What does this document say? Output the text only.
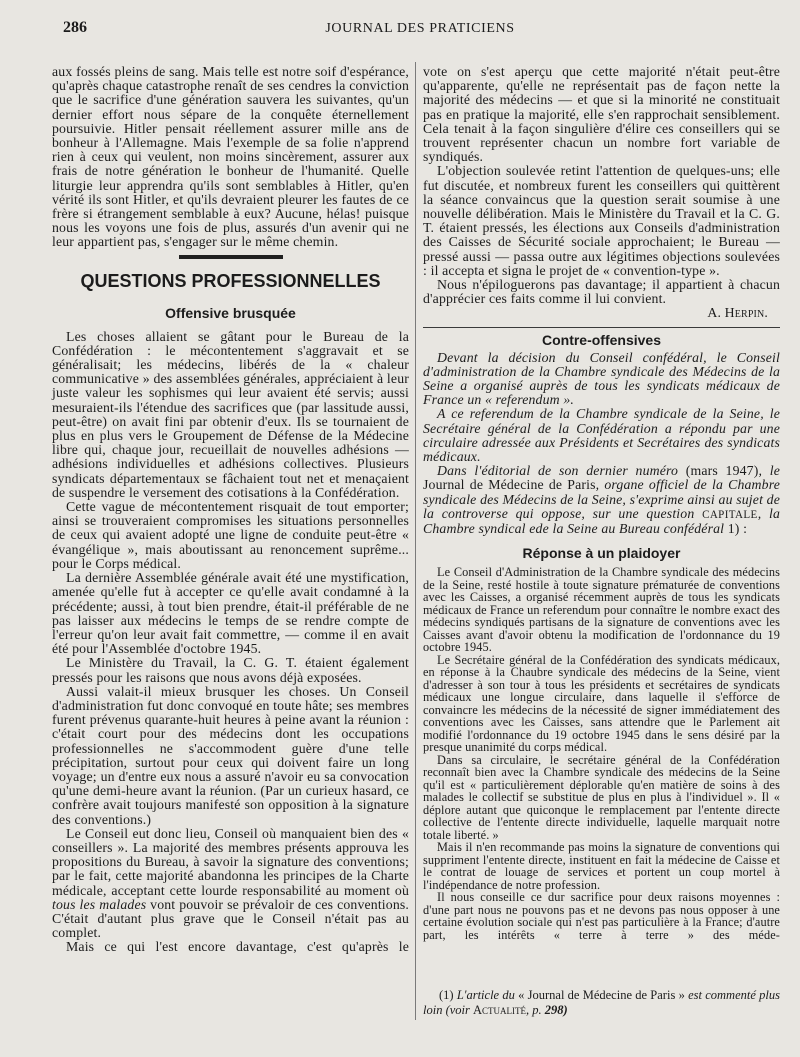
286	JOURNAL DES PRATICIENS

aux fossés pleins de sang. Mais telle est notre soif d'espérance, qu'après chaque catastrophe renaît de ses cendres la conviction que le sacrifice d'une génération sauvera les suivantes, qu'un dernier effort nous sépare de la conquête éternellement poursuivie. Hitler pensait réellement assurer mille ans de bonheur à l'Allemagne. Mais l'exemple de sa folie n'apprend rien à ceux qui veulent, non moins sincèrement, assurer aux frais de notre génération le bonheur de l'humanité. Quelle liturgie leur apprendra qu'ils sont semblables à Hitler, qu'en vérité ils sont Hitler, et qu'ils devraient pleurer les fautes de ce frère si étrangement semblable à eux? Aucune, hélas! puisque nous les voyons une fois de plus, assurés d'un avenir qui ne leur appartient pas, s'engager sur le même chemin.

QUESTIONS PROFESSIONNELLES
Offensive brusquée

Les choses allaient se gâtant pour le Bureau de la Confédération : le mécontentement s'aggravait et se généralisait; les médecins, libérés de la « chaleur communicative » des assemblées générales, appréciaient à leur juste valeur les sophismes qui leur avaient été servis; aussi mesuraient-ils l'étendue des sacrifices que (par lassitude aussi, peut-être) on avait fini par obtenir d'eux. Ils se tournaient de plus en plus vers le Groupement de Défense de la Médecine libre qui, chaque jour, recueillait de nouvelles adhésions — adhésions individuelles et adhésions collectives. Plusieurs syndicats départementaux se fâchaient tout net et menaçaient de suspendre le versement des cotisations à la Confédération.

Cette vague de mécontentement risquait de tout emporter; ainsi se trouveraient compromises les situations personnelles de ceux qui avaient adopté une ligne de conduite peut-être « évangélique », mais aboutissant au renoncement suprême... pour le Corps médical.

La dernière Assemblée générale avait été une mystification, amenée qu'elle fut à accepter ce qu'elle avait condamné à la précédente; aussi, à tout bien prendre, était-il préférable de ne pas laisser aux médecins le temps de se rendre compte de l'erreur qu'on leur avait fait commettre, — comme il en avait été pour l'Assemblée d'octobre 1945.

Le Ministère du Travail, la C. G. T. étaient également pressés pour les raisons que nous avons déjà exposées.

Aussi valait-il mieux brusquer les choses. Un Conseil d'administration fut donc convoqué en toute hâte; ses membres furent prévenus quarante-huit heures à peine avant la réunion : c'était court pour des médecins dont les occupations professionnelles ne s'accommodent guère d'une telle précipitation, surtout pour ceux qui doivent faire un long voyage; un d'entre eux nous a assuré n'avoir eu sa convocation qu'une demi-heure avant la réunion. (Par un curieux hasard, ce confrère avait toujours manifesté son opposition à la signature des conventions.)

Le Conseil eut donc lieu, Conseil où manquaient bien des « conseillers ». La majorité des membres présents approuva les propositions du Bureau, à savoir la signature des conventions; par le fait, cette majorité abandonna les principes de la Charte médicale, acceptant cette lourde responsabilité au moment où tous les malades vont pouvoir se prévaloir de ces conventions. C'était d'autant plus grave que le Conseil n'était pas au complet.

Mais ce qui l'est encore davantage, c'est qu'après le

vote on s'est aperçu que cette majorité n'était peut-être qu'apparente, qu'elle ne représentait pas de façon nette la majorité des médecins — et que si la minorité ne constituait pas en pratique la majorité, elle s'en rapprochait sensiblement. Cela tenait à la façon singulière d'élire ces conseillers qui se trouvent représenter chacun un nombre fort variable de syndiqués.

L'objection soulevée retint l'attention de quelques-uns; elle fut discutée, et nombreux furent les conseillers qui quittèrent la séance convaincus que la question serait soumise à une nouvelle délibération. Mais le Ministère du Travail et la C. G. T. étaient pressés, les élections aux Conseils d'administration des Caisses de Sécurité sociale approchaient; le Bureau — pressé aussi — passa outre aux légitimes objections soulevées : il accepta et signa le projet de « convention-type ».

Nous n'épiloguerons pas davantage; il appartient à chacun d'apprécier ces faits comme il lui convient.

A. Herpin.

Contre-offensives

Devant la décision du Conseil confédéral, le Conseil d'administration de la Chambre syndicale des Médecins de la Seine a organisé auprès de tous les syndicats médicaux de France un « referendum ».

A ce referendum de la Chambre syndicale de la Seine, le Secrétaire général de la Confédération a répondu par une circulaire adressée aux Présidents et Secrétaires des syndicats médicaux.

Dans l'éditorial de son dernier numéro (mars 1947), le Journal de Médecine de Paris, organe officiel de la Chambre syndicale des Médecins de la Seine, s'exprime ainsi au sujet de la controverse qui oppose, sur une question CAPITALE, la Chambre syndical ede la Seine au Bureau confédéral 1) :

Réponse à un plaidoyer

Le Conseil d'Administration de la Chambre syndicale des médecins de la Seine, resté hostile à toute signature prématurée de conventions avec les Caisses, a organisé récemment auprès de tous les syndicats médicaux de France un referendum pour connaître le nombre exact des médecins syndiqués partisans de la signature de conventions avec les Caisses avant d'avoir obtenu la modification de l'ordonnance du 19 octobre 1945.

Le Secrétaire général de la Confédération des syndicats médicaux, en réponse à la Chaubre syndicale des médecins de la Seine, vient d'adresser à son tour à tous les présidents et secrétaires de syndicats médicaux une longue circulaire, dans laquelle il s'efforce de convaincre les médecins de la nécessité de signer immédiatement des conventions avec les Caisses, sans attendre que le Parlement ait modifié l'ordonnance du 19 octobre 1945 dans le sens désiré par la presque unanimité du corps médical.

Dans sa circulaire, le secrétaire général de la Confédération reconnaît bien avec la Chambre syndicale des médecins de la Seine qu'il est « particulièrement déplorable qu'en matière de soins à des malades le collectif se substitue de plus en plus à l'individuel ». Il « déplore autant que quiconque le remplacement par l'entente directe collective de l'entente directe individuelle, laquelle marquait notre totale liberté. »

Mais il n'en recommande pas moins la signature de conventions qui suppriment l'entente directe, instituent en fait la médecine de Caisse et le contrat de louage de services et portent un coup mortel à l'indépendance de notre profession.

Il nous conseille ce dur sacrifice pour deux raisons moyennes : d'une part nous ne pouvons pas et ne devons pas nous opposer à une certaine évolution sociale qui n'est pas particulière à la France; d'autre part, les intérêts « terre à terre » des méde-

(1) L'article du « Journal de Médecine de Paris » est commenté plus loin (voir Actualité, p. 298)
